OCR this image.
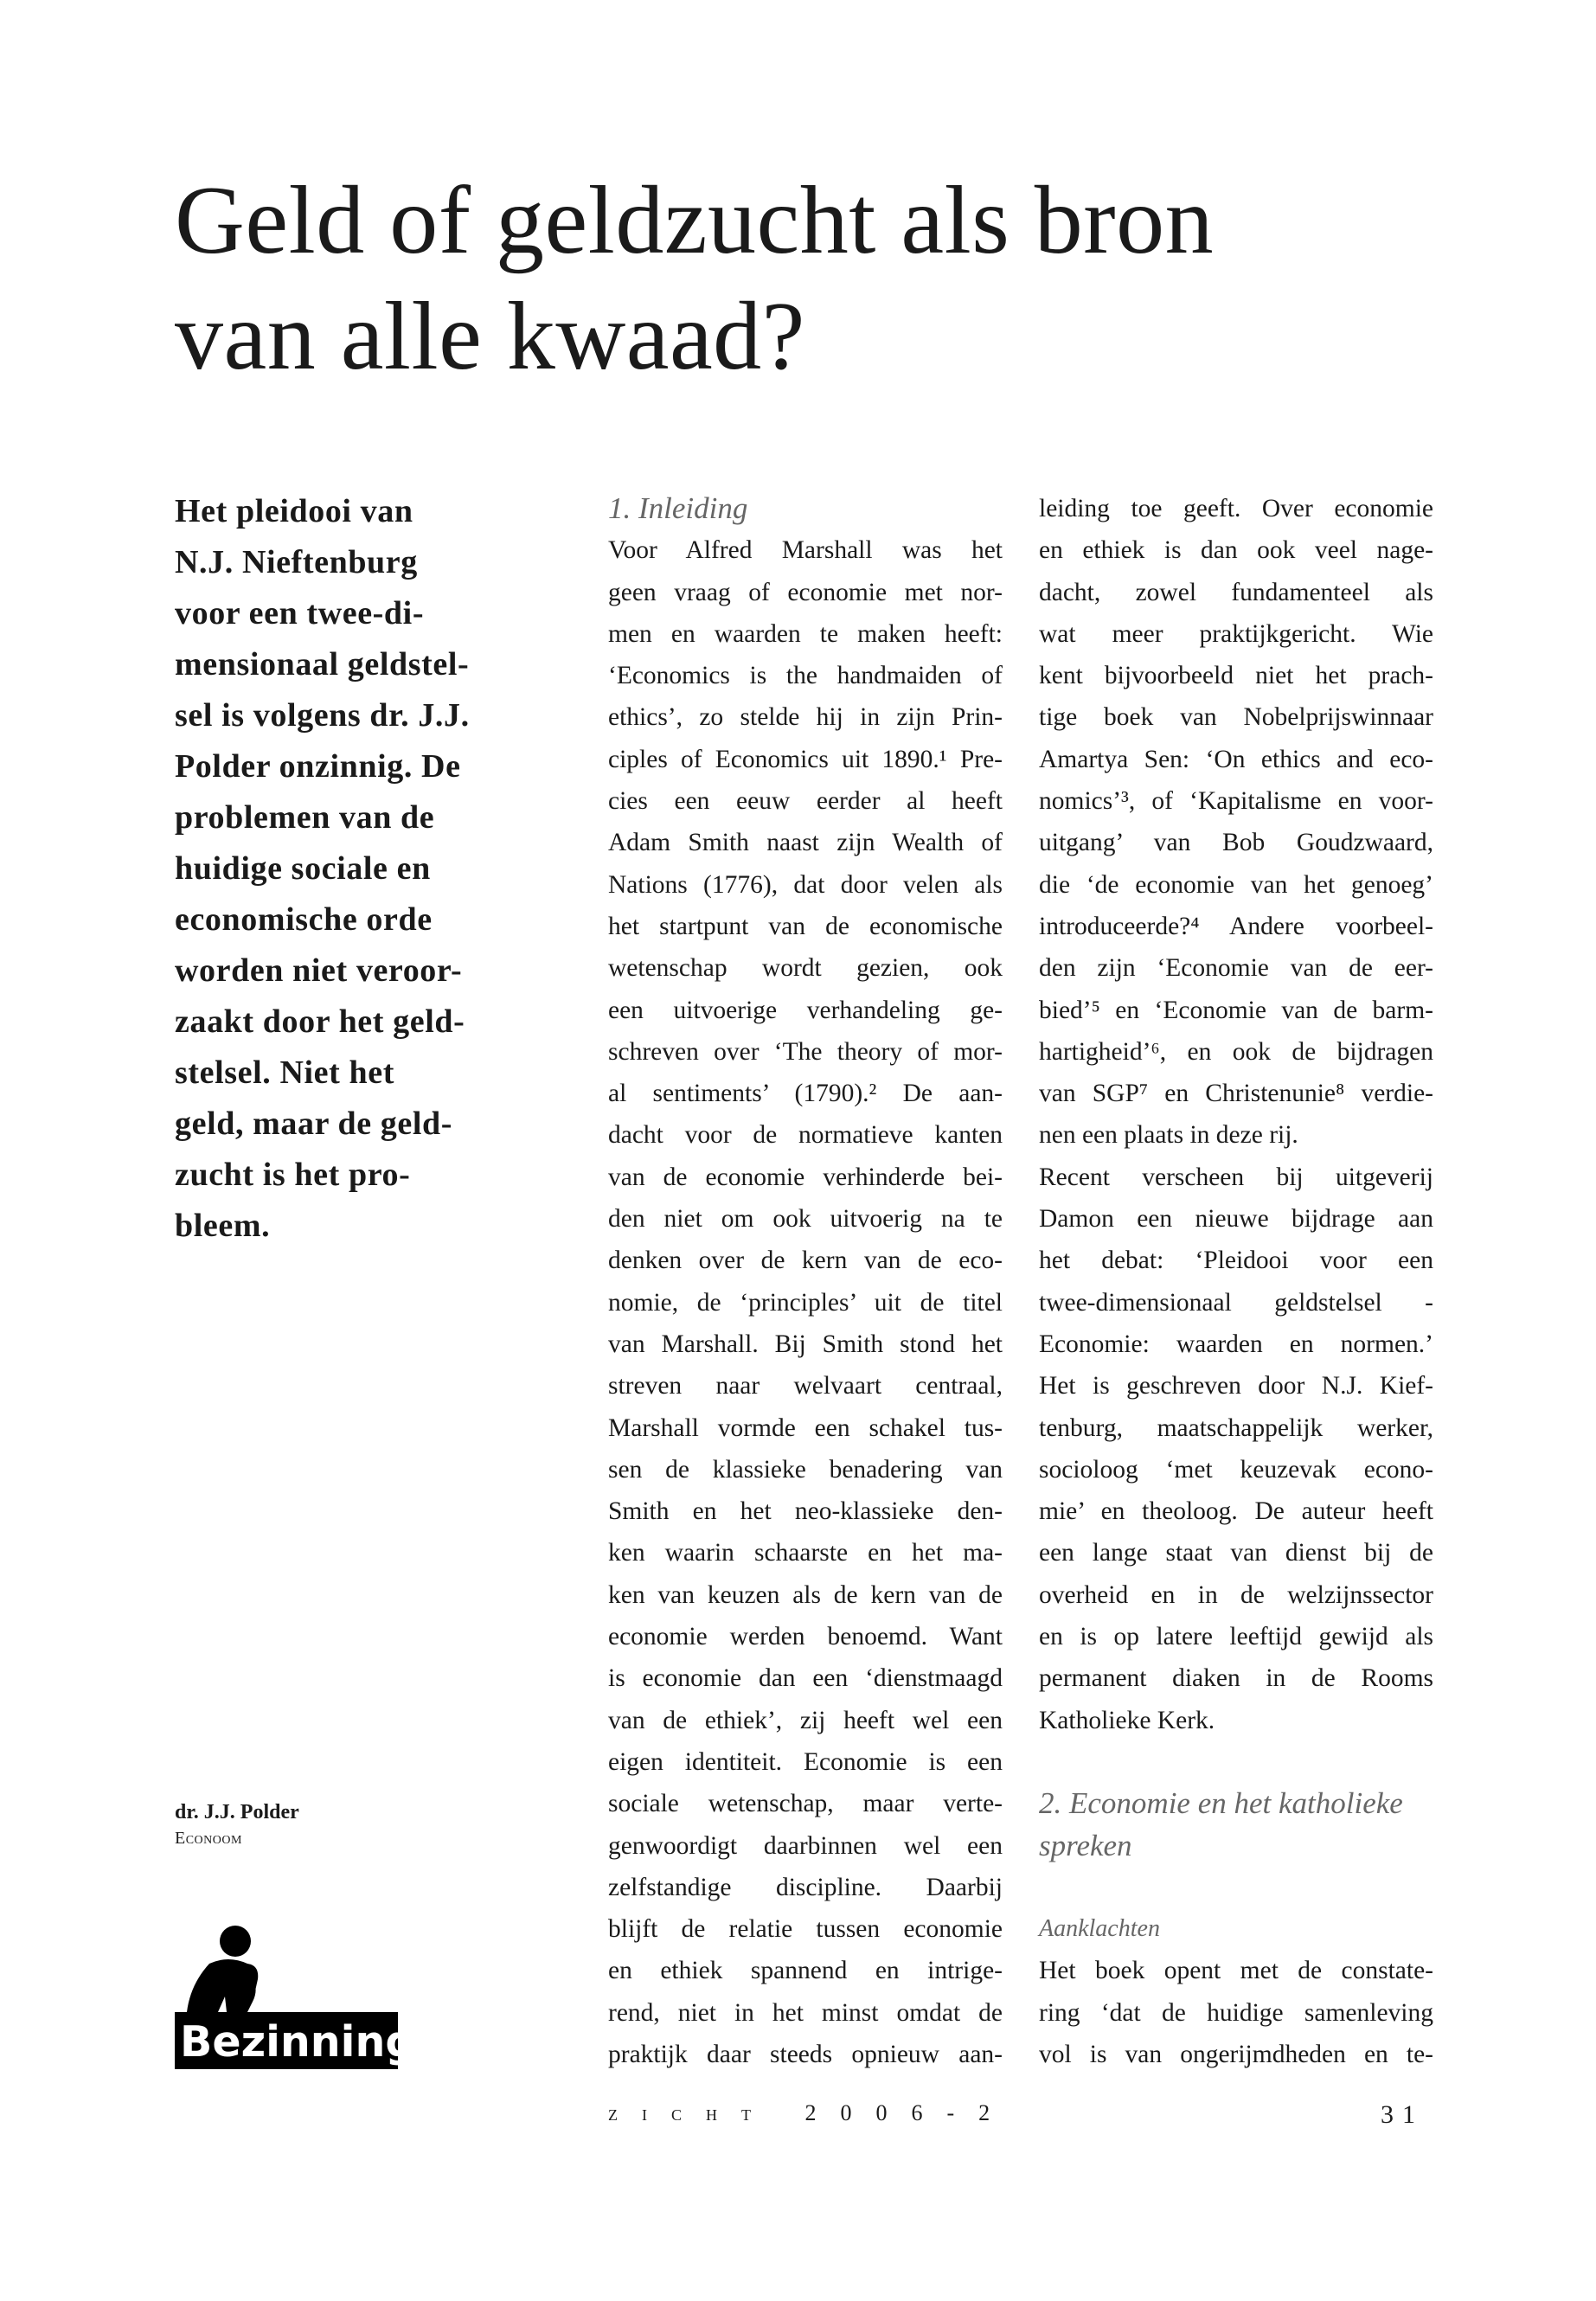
Geld of geldzucht als bron
van alle kwaad?
Het pleidooi van
N.J. Nieftenburg
voor een twee-di-
mensionaal geldstel-
sel is volgens dr. J.J.
Polder onzinnig. De
problemen van de
huidige sociale en
economische orde
worden niet veroor-
zaakt door het geld-
stelsel. Niet het
geld, maar de geld-
zucht is het pro-
bleem.
dr. J.J. Polder
Econoom
Bezinning
1. Inleiding
Voor Alfred Marshall was het
geen vraag of economie met nor-
men en waarden te maken heeft:
‘Economics is the handmaiden of
ethics’, zo stelde hij in zijn Prin-
ciples of Economics uit 1890.¹ Pre-
cies een eeuw eerder al heeft
Adam Smith naast zijn Wealth of
Nations (1776), dat door velen als
het startpunt van de economische
wetenschap wordt gezien, ook
een uitvoerige verhandeling ge-
schreven over ‘The theory of mor-
al sentiments’ (1790).² De aan-
dacht voor de normatieve kanten
van de economie verhinderde bei-
den niet om ook uitvoerig na te
denken over de kern van de eco-
nomie, de ‘principles’ uit de titel
van Marshall. Bij Smith stond het
streven naar welvaart centraal,
Marshall vormde een schakel tus-
sen de klassieke benadering van
Smith en het neo-klassieke den-
ken waarin schaarste en het ma-
ken van keuzen als de kern van de
economie werden benoemd. Want
is economie dan een ‘dienstmaagd
van de ethiek’, zij heeft wel een
eigen identiteit. Economie is een
sociale wetenschap, maar verte-
genwoordigt daarbinnen wel een
zelfstandige discipline. Daarbij
blijft de relatie tussen economie
en ethiek spannend en intrige-
rend, niet in het minst omdat de
praktijk daar steeds opnieuw aan-
leiding toe geeft. Over economie
en ethiek is dan ook veel nage-
dacht, zowel fundamenteel als
wat meer praktijkgericht. Wie
kent bijvoorbeeld niet het prach-
tige boek van Nobelprijswinnaar
Amartya Sen: ‘On ethics and eco-
nomics’³, of ‘Kapitalisme en voor-
uitgang’ van Bob Goudzwaard,
die ‘de economie van het genoeg’
introduceerde?⁴ Andere voorbeel-
den zijn ‘Economie van de eer-
bied’⁵ en ‘Economie van de barm-
hartigheid’⁶, en ook de bijdragen
van SGP⁷ en Christenunie⁸ verdie-
nen een plaats in deze rij.
Recent verscheen bij uitgeverij
Damon een nieuwe bijdrage aan
het debat: ‘Pleidooi voor een
twee-dimensionaal geldstelsel -
Economie: waarden en normen.’
Het is geschreven door N.J. Kief-
tenburg, maatschappelijk werker,
socioloog ‘met keuzevak econo-
mie’ en theoloog. De auteur heeft
een lange staat van dienst bij de
overheid en in de welzijnssector
en is op latere leeftijd gewijd als
permanent diaken in de Rooms
Katholieke Kerk.
2. Economie en het katholieke
spreken
Aanklachten
Het boek opent met de constate-
ring ‘dat de huidige samenleving
vol is van ongerijmdheden en te-
zicht 2006-2	31
